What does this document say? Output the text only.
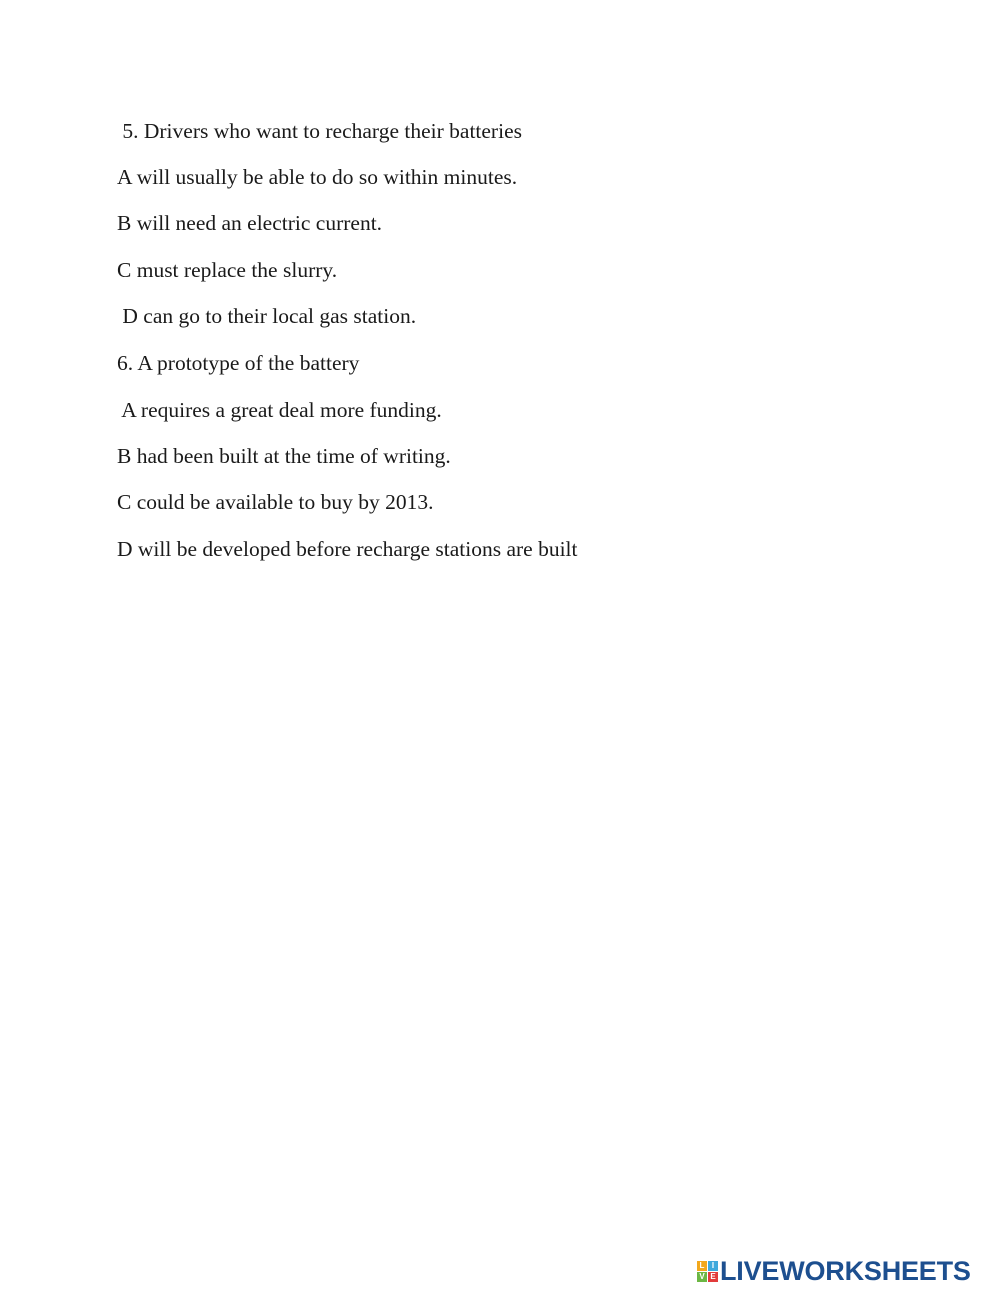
5. Drivers who want to recharge their batteries
A will usually be able to do so within minutes.
B will need an electric current.
C must replace the slurry.
D can go to their local gas station.
6. A prototype of the battery
A requires a great deal more funding.
B had been built at the time of writing.
C could be available to buy by 2013.
D will be developed before recharge stations are built
L I
V E LIVEWORKSHEETS
